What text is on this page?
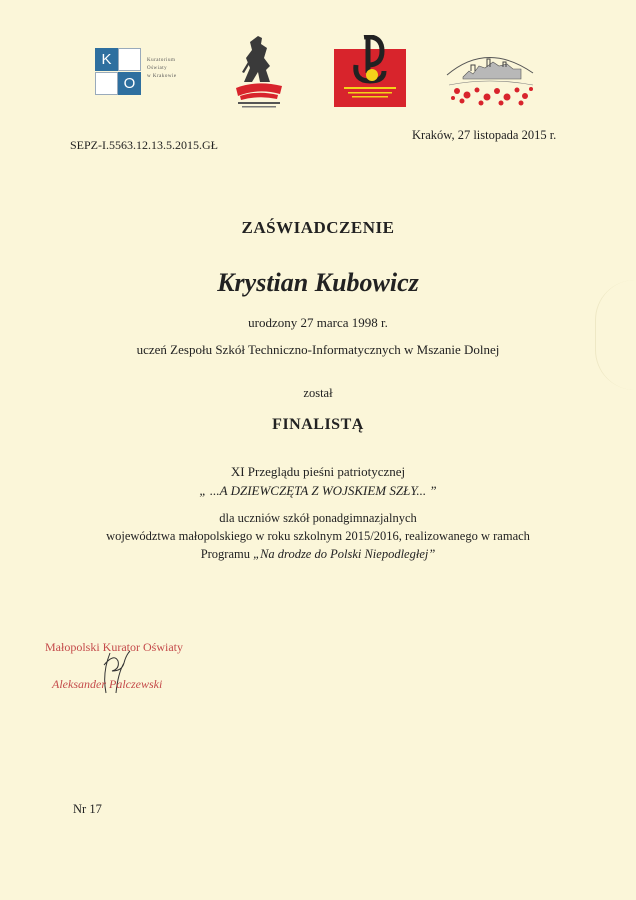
K
O
Kuratorium
Oświaty
w Krakowie
SEPZ-I.5563.12.13.5.2015.GŁ
Kraków, 27 listopada 2015 r.
ZAŚWIADCZENIE
Krystian Kubowicz
urodzony 27 marca 1998 r.
uczeń Zespołu Szkół Techniczno-Informatycznych w Mszanie Dolnej
został
FINALISTĄ
XI Przeglądu pieśni patriotycznej
„ ...A DZIEWCZĘTA Z WOJSKIEM SZŁY... ”
dla uczniów szkół ponadgimnazjalnych
województwa małopolskiego w roku szkolnym 2015/2016, realizowanego w ramach
Programu „Na drodze do Polski Niepodległej”
Małopolski Kurator Oświaty
Aleksander Palczewski
Nr 17
